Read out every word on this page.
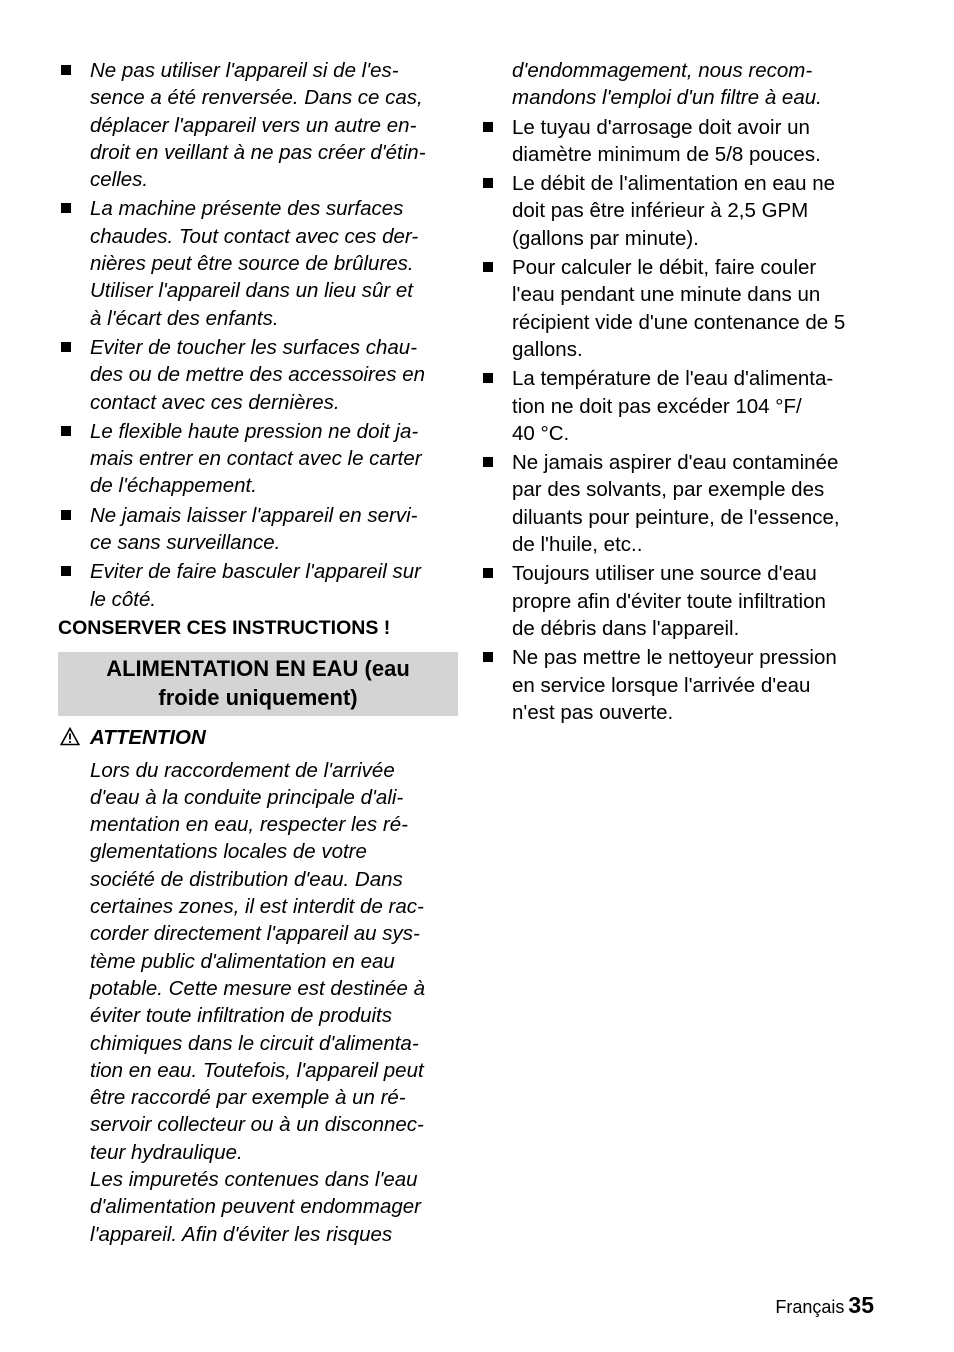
Ne pas utiliser l'appareil si de l'es-
sence a été renversée. Dans ce cas,
déplacer l'appareil vers un autre en-
droit en veillant à ne pas créer d'étin-
celles.
La machine présente des surfaces
chaudes. Tout contact avec ces der-
nières peut être source de brûlures.
Utiliser l'appareil dans un lieu sûr et
à l'écart des enfants.
Eviter de toucher les surfaces chau-
des ou de mettre des accessoires en
contact avec ces dernières.
Le flexible haute pression ne doit ja-
mais entrer en contact avec le carter
de l'échappement.
Ne jamais laisser l'appareil en servi-
ce sans surveillance.
Eviter de faire basculer l'appareil sur
le côté.
CONSERVER CES INSTRUCTIONS !
ALIMENTATION EN EAU (eau
froide uniquement)
ATTENTION
Lors du raccordement de l'arrivée
d'eau à la conduite principale d'ali-
mentation en eau, respecter les ré-
glementations locales de votre
société de distribution d'eau. Dans
certaines zones, il est interdit de rac-
corder directement l'appareil au sys-
tème public d'alimentation en eau
potable. Cette mesure est destinée à
éviter toute infiltration de produits
chimiques dans le circuit d'alimenta-
tion en eau. Toutefois, l'appareil peut
être raccordé par exemple à un ré-
servoir collecteur ou à un disconnec-
teur hydraulique.
Les impuretés contenues dans l'eau
d'alimentation peuvent endommager
l'appareil. Afin d'éviter les risques
d'endommagement, nous recom-
mandons l'emploi d'un filtre à eau.
Le tuyau d'arrosage doit avoir un
diamètre minimum de 5/8 pouces.
Le débit de l'alimentation en eau ne
doit pas être inférieur à 2,5 GPM
(gallons par minute).
Pour calculer le débit, faire couler
l'eau pendant une minute dans un
récipient vide d'une contenance de 5
gallons.
La température de l'eau d'alimenta-
tion ne doit pas excéder 104 °F/
40 °C.
Ne jamais aspirer d'eau contaminée
par des solvants, par exemple des
diluants pour peinture, de l'essence,
de l'huile, etc..
Toujours utiliser une source d'eau
propre afin d'éviter toute infiltration
de débris dans l'appareil.
Ne pas mettre le nettoyeur pression
en service lorsque l'arrivée d'eau
n'est pas ouverte.
Français 35
